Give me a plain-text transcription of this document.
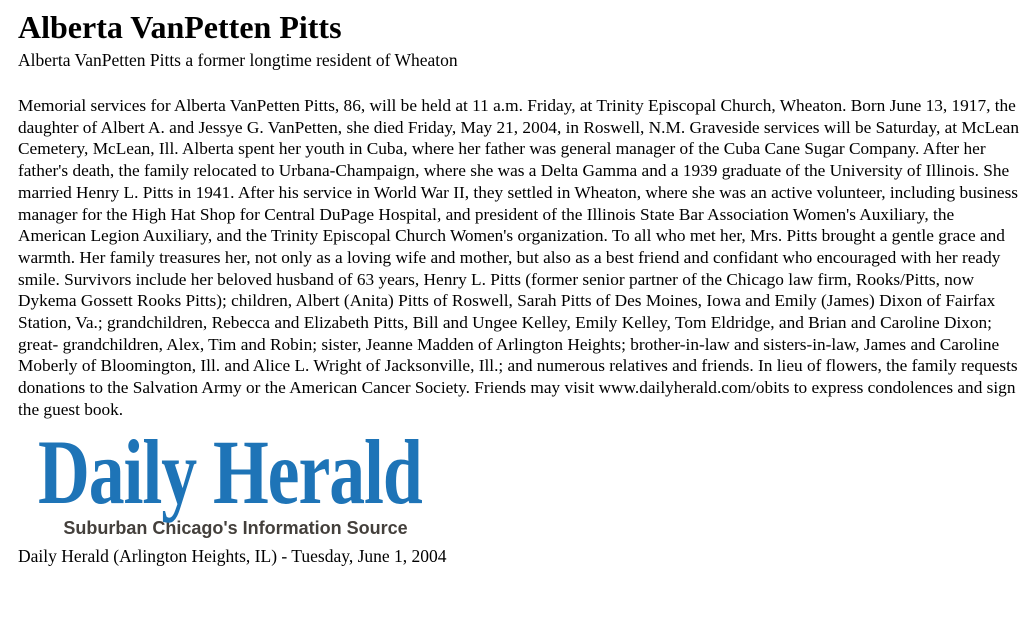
Alberta VanPetten Pitts
Alberta VanPetten Pitts a former longtime resident of Wheaton
Memorial services for Alberta VanPetten Pitts, 86, will be held at 11 a.m. Friday, at Trinity Episcopal Church, Wheaton. Born June 13, 1917, the daughter of Albert A. and Jessye G. VanPetten, she died Friday, May 21, 2004, in Roswell, N.M. Graveside services will be Saturday, at McLean Cemetery, McLean, Ill. Alberta spent her youth in Cuba, where her father was general manager of the Cuba Cane Sugar Company. After her father's death, the family relocated to Urbana-Champaign, where she was a Delta Gamma and a 1939 graduate of the University of Illinois. She married Henry L. Pitts in 1941. After his service in World War II, they settled in Wheaton, where she was an active volunteer, including business manager for the High Hat Shop for Central DuPage Hospital, and president of the Illinois State Bar Association Women's Auxiliary, the American Legion Auxiliary, and the Trinity Episcopal Church Women's organization. To all who met her, Mrs. Pitts brought a gentle grace and warmth. Her family treasures her, not only as a loving wife and mother, but also as a best friend and confidant who encouraged with her ready smile. Survivors include her beloved husband of 63 years, Henry L. Pitts (former senior partner of the Chicago law firm, Rooks/Pitts, now Dykema Gossett Rooks Pitts); children, Albert (Anita) Pitts of Roswell, Sarah Pitts of Des Moines, Iowa and Emily (James) Dixon of Fairfax Station, Va.; grandchildren, Rebecca and Elizabeth Pitts, Bill and Ungee Kelley, Emily Kelley, Tom Eldridge, and Brian and Caroline Dixon; great- grandchildren, Alex, Tim and Robin; sister, Jeanne Madden of Arlington Heights; brother-in-law and sisters-in-law, James and Caroline Moberly of Bloomington, Ill. and Alice L. Wright of Jacksonville, Ill.; and numerous relatives and friends. In lieu of flowers, the family requests donations to the Salvation Army or the American Cancer Society. Friends may visit www.dailyherald.com/obits to express condolences and sign the guest book.
Daily Herald
Suburban Chicago's Information Source
Daily Herald (Arlington Heights, IL) - Tuesday, June 1, 2004
